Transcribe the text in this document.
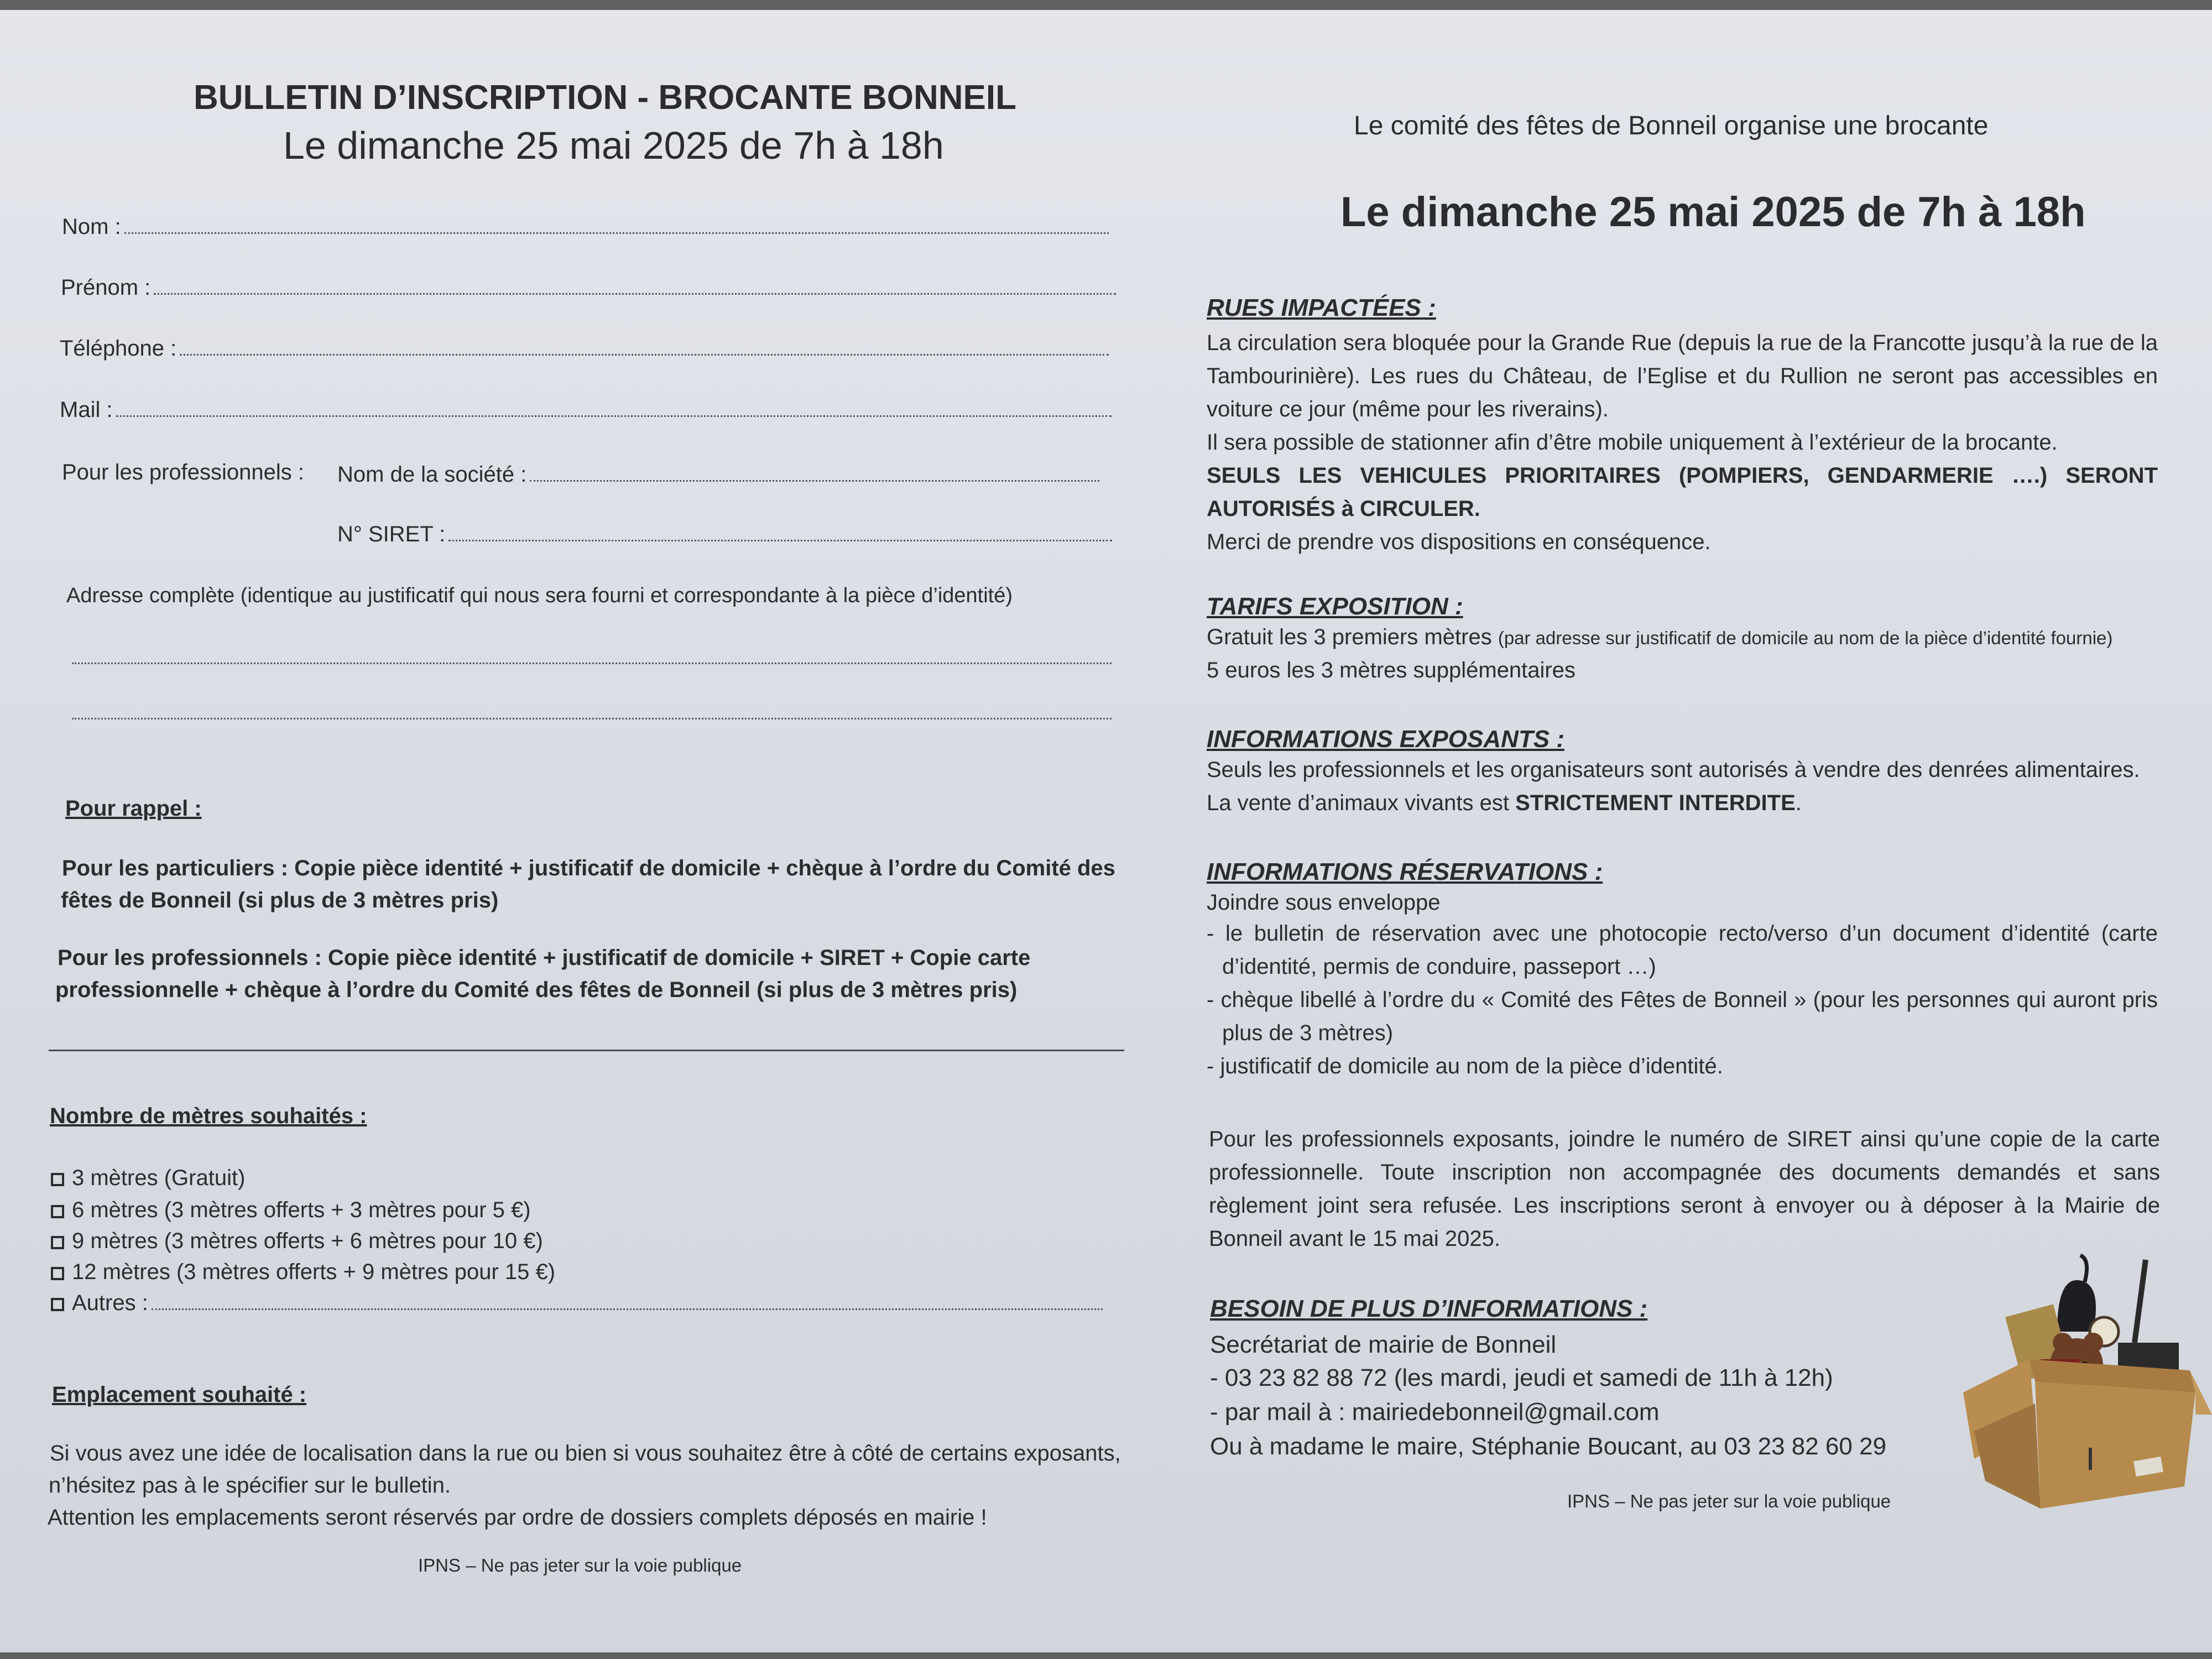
BULLETIN D’INSCRIPTION - BROCANTE BONNEIL
Le dimanche 25 mai 2025 de 7h à 18h
Nom :
Prénom :
Téléphone :
Mail :
Pour les professionnels : Nom de la société :
N° SIRET :
Adresse complète (identique au justificatif qui nous sera fourni et correspondante à la pièce d’identité)
Pour rappel :
Pour les particuliers : Copie pièce identité + justificatif de domicile + chèque à l’ordre du Comité des
fêtes de Bonneil (si plus de 3 mètres pris)
Pour les professionnels : Copie pièce identité + justificatif de domicile + SIRET + Copie carte
professionnelle + chèque à l’ordre du Comité des fêtes de Bonneil (si plus de 3 mètres pris)
Nombre de mètres souhaités :
3 mètres (Gratuit)
6 mètres (3 mètres offerts + 3 mètres pour 5 €)
9 mètres (3 mètres offerts + 6 mètres pour 10 €)
12 mètres (3 mètres offerts + 9 mètres pour 15 €)
Autres :
Emplacement souhaité :
Si vous avez une idée de localisation dans la rue ou bien si vous souhaitez être à côté de certains exposants,
n’hésitez pas à le spécifier sur le bulletin.
Attention les emplacements seront réservés par ordre de dossiers complets déposés en mairie !
IPNS – Ne pas jeter sur la voie publique
Le comité des fêtes de Bonneil organise une brocante
Le dimanche 25 mai 2025 de 7h à 18h
RUES IMPACTÉES :
La circulation sera bloquée pour la Grande Rue (depuis la rue de la Francotte jusqu’à la rue de la Tambourinière). Les rues du Château, de l’Eglise et du Rullion ne seront pas accessibles en voiture ce jour (même pour les riverains).
Il sera possible de stationner afin d’être mobile uniquement à l’extérieur de la brocante.
SEULS LES VEHICULES PRIORITAIRES (POMPIERS, GENDARMERIE ….) SERONT AUTORISÉS à CIRCULER.
Merci de prendre vos dispositions en conséquence.
TARIFS EXPOSITION :
Gratuit les 3 premiers mètres (par adresse sur justificatif de domicile au nom de la pièce d’identité fournie)
5 euros les 3 mètres supplémentaires
INFORMATIONS EXPOSANTS :
Seuls les professionnels et les organisateurs sont autorisés à vendre des denrées alimentaires.
La vente d’animaux vivants est STRICTEMENT INTERDITE.
INFORMATIONS RÉSERVATIONS :
Joindre sous enveloppe
- le bulletin de réservation avec une photocopie recto/verso d’un document d’identité (carte d’identité, permis de conduire, passeport …)
- chèque libellé à l’ordre du « Comité des Fêtes de Bonneil » (pour les personnes qui auront pris plus de 3 mètres)
- justificatif de domicile au nom de la pièce d’identité.
Pour les professionnels exposants, joindre le numéro de SIRET ainsi qu’une copie de la carte professionnelle. Toute inscription non accompagnée des documents demandés et sans règlement joint sera refusée. Les inscriptions seront à envoyer ou à déposer à la Mairie de Bonneil avant le 15 mai 2025.
BESOIN DE PLUS D’INFORMATIONS :
Secrétariat de mairie de Bonneil
- 03 23 82 88 72 (les mardi, jeudi et samedi de 11h à 12h)
- par mail à : mairiedebonneil@gmail.com
Ou à madame le maire, Stéphanie Boucant, au 03 23 82 60 29
IPNS – Ne pas jeter sur la voie publique
